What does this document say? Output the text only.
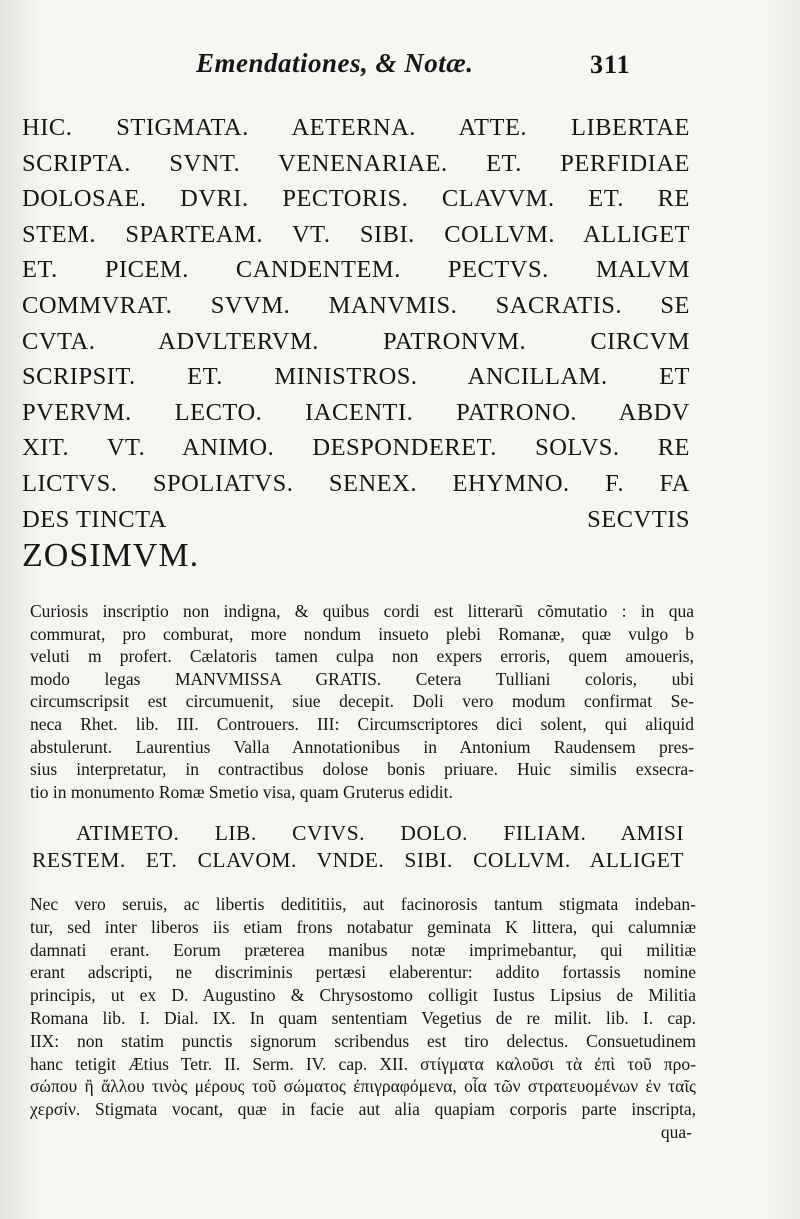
Emendationes, & Notæ.	311
HIC. STIGMATA. AETERNA. ATTE. LIBERTAE
SCRIPTA. SVNT. VENENARIAE. ET. PERFIDIAE
DOLOSAE. DVRI. PECTORIS. CLAVVM. ET. RE
STEM. SPARTEAM. VT. SIBI. COLLVM. ALLIGET
ET. PICEM. CANDENTEM. PECTVS. MALVM
COMMVRAT. SVVM. MANVMIS. SACRATIS. SE
CVTA. ADVLTERVM. PATRONVM. CIRCVM
SCRIPSIT. ET. MINISTROS. ANCILLAM. ET
PVERVM. LECTO. IACENTI. PATRONO. ABDV
XIT. VT. ANIMO. DESPONDERET. SOLVS. RE
LICTVS. SPOLIATVS. SENEX. EHYMNO. F. FA
DES TINCTA	SECVTIS
ZOSIMVM.
Curiosis inscriptio non indigna, & quibus cordi est litterarũ cõmutatio : in qua
commurat, pro comburat, more nondum insueto plebi Romanæ, quæ vulgo b
veluti m profert. Cælatoris tamen culpa non expers erroris, quem amoueris,
modo legas MANVMISSA GRATIS. Cetera Tulliani coloris, ubi
circumscripsit est circumuenit, siue decepit. Doli vero modum confirmat Se-
neca Rhet. lib. III. Controuers. III: Circumscriptores dici solent, qui aliquid
abstulerunt. Laurentius Valla Annotationibus in Antonium Raudensem pres-
sius interpretatur, in contractibus dolose bonis priuare. Huic similis exsecra-
tio in monumento Romæ Smetio visa, quam Gruterus edidit.
ATIMETO. LIB. CVIVS. DOLO. FILIAM. AMISI
RESTEM. ET. CLAVOM. VNDE. SIBI. COLLVM. ALLIGET
Nec vero seruis, ac libertis dedititiis, aut facinorosis tantum stigmata indeban-
tur, sed inter liberos iis etiam frons notabatur geminata K littera, qui calumniæ
damnati erant. Eorum præterea manibus notæ imprimebantur, qui militiæ
erant adscripti, ne discriminis pertæsi elaberentur: addito fortassis nomine
principis, ut ex D. Augustino & Chrysostomo colligit Iustus Lipsius de Militia
Romana lib. I. Dial. IX. In quam sententiam Vegetius de re milit. lib. I. cap.
IIX: non statim punctis signorum scribendus est tiro delectus. Consuetudinem
hanc tetigit Ætius Tetr. II. Serm. IV. cap. XII. στίγματα καλοῦσι τὰ ἐπὶ τοῦ προ-
σώπου ἢ ἄλλου τινὸς μέρους τοῦ σώματος ἐπιγραφόμενα, οἷα τῶν στρατευομένων ἐν ταῖς
χερσίν. Stigmata vocant, quæ in facie aut alia quapiam corporis parte inscripta,
qua-
